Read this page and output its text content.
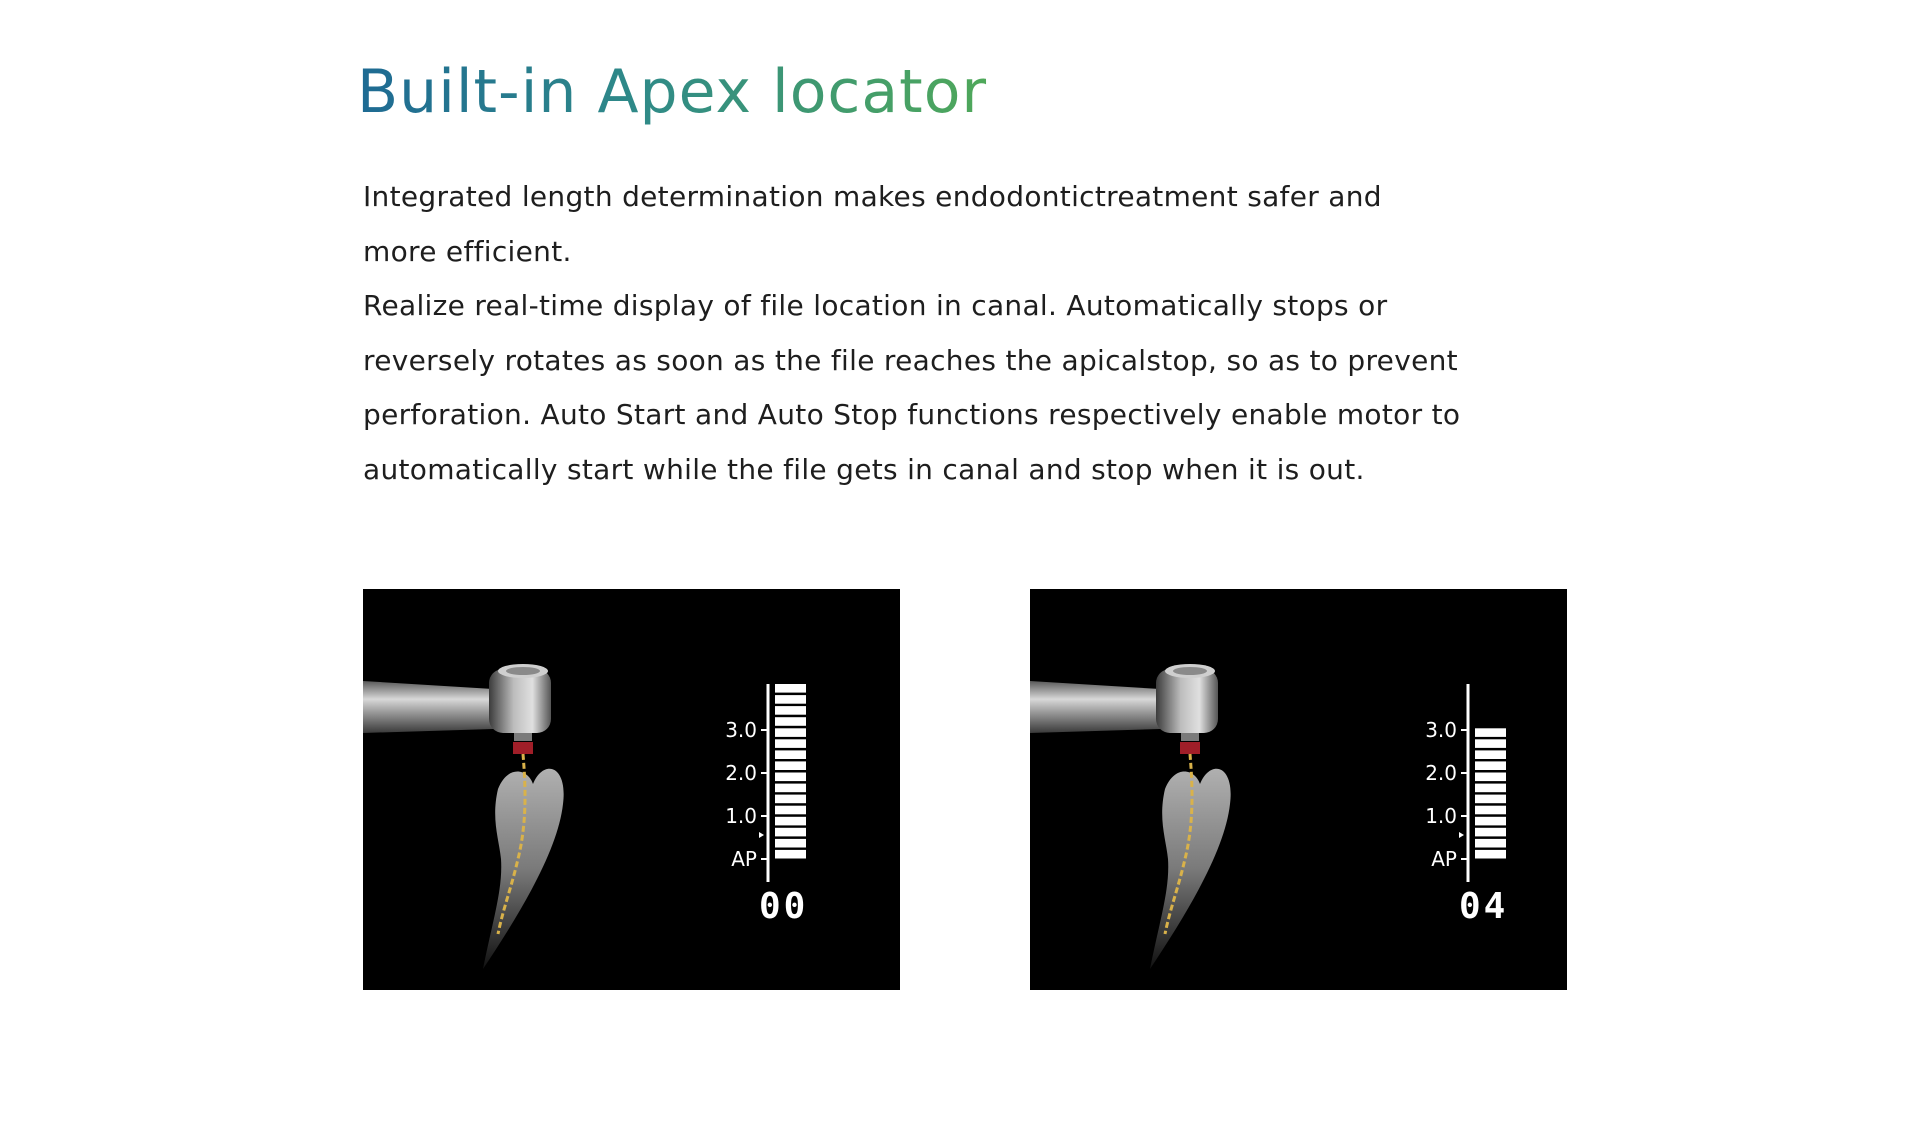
Built-in Apex locator

Integrated length determination makes endodontictreatment safer and
more efficient.
Realize real-time display of file location in canal. Automatically stops or
reversely rotates as soon as the file reaches the apicalstop, so as to prevent
perforation. Auto Start and Auto Stop functions respectively enable motor to
automatically start while the file gets in canal and stop when it is out.

3.0
2.0
1.0
AP
00
3.0
2.0
1.0
AP
04
